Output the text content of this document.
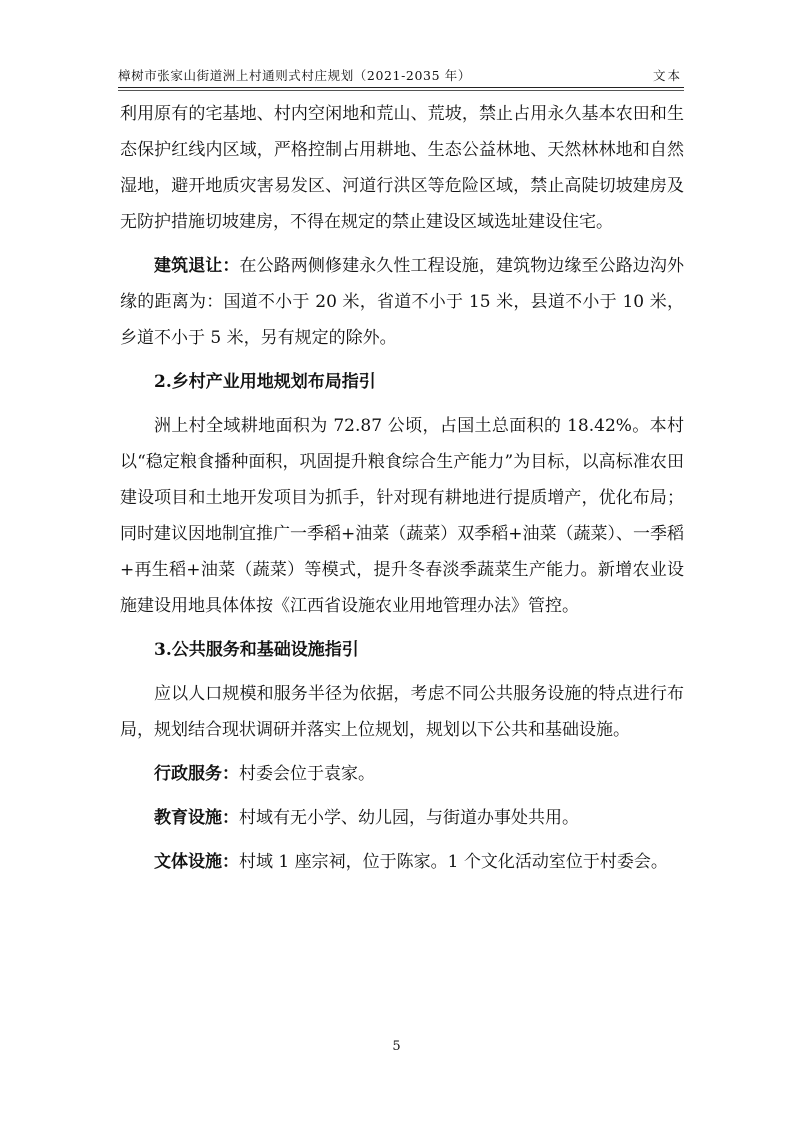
樟树市张家山街道洲上村通则式村庄规划（2021-2035 年）	文本

利用原有的宅基地、村内空闲地和荒山、荒坡，禁止占用永久基本农田和生态保护红线内区域，严格控制占用耕地、生态公益林地、天然林林地和自然湿地，避开地质灾害易发区、河道行洪区等危险区域，禁止高陡切坡建房及无防护措施切坡建房，不得在规定的禁止建设区域选址建设住宅。

建筑退让：在公路两侧修建永久性工程设施，建筑物边缘至公路边沟外缘的距离为：国道不小于 20 米，省道不小于 15 米，县道不小于 10 米，乡道不小于 5 米，另有规定的除外。

2.乡村产业用地规划布局指引

洲上村全域耕地面积为 72.87 公顷，占国土总面积的 18.42%。本村以“稳定粮食播种面积，巩固提升粮食综合生产能力”为目标，以高标准农田建设项目和土地开发项目为抓手，针对现有耕地进行提质增产，优化布局；同时建议因地制宜推广一季稻+油菜（蔬菜）双季稻+油菜（蔬菜）、一季稻+再生稻+油菜（蔬菜）等模式，提升冬春淡季蔬菜生产能力。新增农业设施建设用地具体体按《江西省设施农业用地管理办法》管控。

3.公共服务和基础设施指引

应以人口规模和服务半径为依据，考虑不同公共服务设施的特点进行布局，规划结合现状调研并落实上位规划，规划以下公共和基础设施。

行政服务：村委会位于袁家。

教育设施：村域有无小学、幼儿园，与街道办事处共用。

文体设施：村域 1 座宗祠，位于陈家。1 个文化活动室位于村委会。

5
